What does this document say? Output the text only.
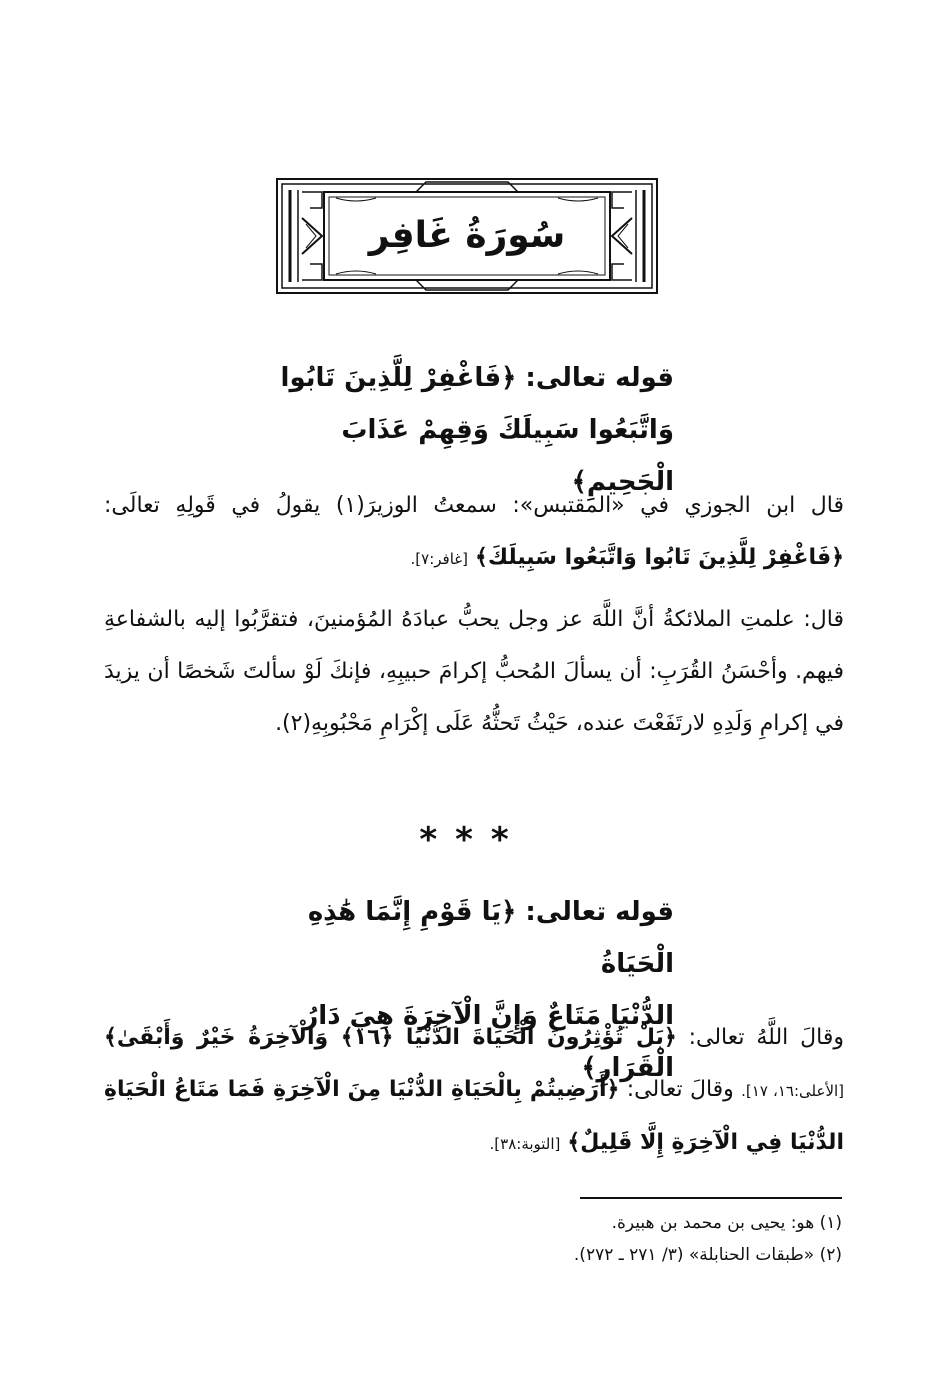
سُورَةُ غَافِر
قوله تعالى: ﴿فَاغْفِرْ لِلَّذِينَ تَابُوا
وَاتَّبَعُوا سَبِيلَكَ وَقِهِمْ عَذَابَ الْجَحِيمِ﴾
قال ابن الجوزي في «المقتبس»: سمعتُ الوزيرَ(١) يقولُ في قَولِهِ تعالَى: ﴿فَاغْفِرْ لِلَّذِينَ تَابُوا وَاتَّبَعُوا سَبِيلَكَ﴾ [غافر:٧].
قال: علمتِ الملائكةُ أنَّ اللَّهَ عز وجل يحبُّ عبادَهُ المُؤمنينَ، فتقرَّبُوا إليه بالشفاعةِ فيهم. وأحْسَنُ القُرَبِ: أن يسألَ المُحبُّ إكرامَ حبيبِهِ، فإنكَ لَوْ سألتَ شَخصًا أن يزيدَ في إكرامِ وَلَدِهِ لارتَفَعْتَ عنده، حَيْثُ تَحثُّهُ عَلَى إكْرَامِ مَحْبُوبِهِ(٢).
***
قوله تعالى: ﴿يَا قَوْمِ إِنَّمَا هَٰذِهِ الْحَيَاةُ
الدُّنْيَا مَتَاعٌ وَإِنَّ الْآخِرَةَ هِيَ دَارُ الْقَرَارِ﴾
وقالَ اللَّهُ تعالى: ﴿بَلْ تُؤْثِرُونَ الْحَيَاةَ الدُّنْيَا ﴿١٦﴾ وَالْآخِرَةُ خَيْرٌ وَأَبْقَىٰ﴾ [الأعلى:١٦، ١٧]. وقالَ تعالى: ﴿أَرَضِيتُمْ بِالْحَيَاةِ الدُّنْيَا مِنَ الْآخِرَةِ فَمَا مَتَاعُ الْحَيَاةِ الدُّنْيَا فِي الْآخِرَةِ إِلَّا قَلِيلٌ﴾ [التوبة:٣٨].
(١) هو: يحيى بن محمد بن هبيرة.
(٢) «طبقات الحنابلة» (٣/ ٢٧١ ـ ٢٧٢).
